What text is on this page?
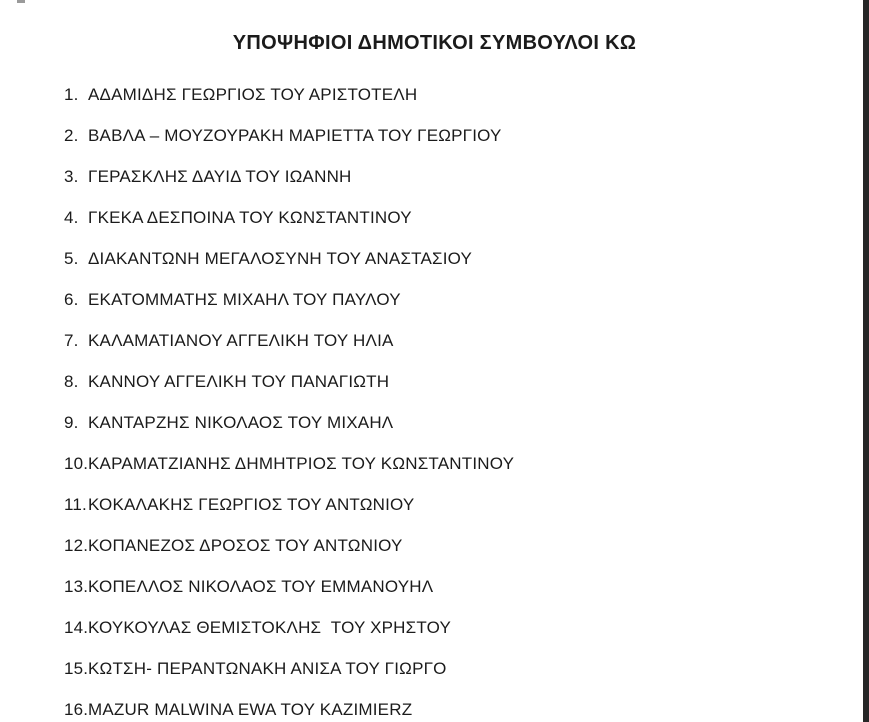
ΥΠΟΨΗΦΙΟΙ ΔΗΜΟΤΙΚΟΙ ΣΥΜΒΟΥΛΟΙ ΚΩ
1. ΑΔΑΜΙΔΗΣ ΓΕΩΡΓΙΟΣ ΤΟΥ ΑΡΙΣΤΟΤΕΛΗ
2. ΒΑΒΛΑ – ΜΟΥΖΟΥΡΑΚΗ ΜΑΡΙΕΤΤΑ ΤΟΥ ΓΕΩΡΓΙΟΥ
3. ΓΕΡΑΣΚΛΗΣ ΔΑΥΙΔ ΤΟΥ ΙΩΑΝΝΗ
4. ΓΚΕΚΑ ΔΕΣΠΟΙΝΑ ΤΟΥ ΚΩΝΣΤΑΝΤΙΝΟΥ
5. ΔΙΑΚΑΝΤΩΝΗ ΜΕΓΑΛΟΣΥΝΗ ΤΟΥ ΑΝΑΣΤΑΣΙΟΥ
6. ΕΚΑΤΟΜΜΑΤΗΣ ΜΙΧΑΗΛ ΤΟΥ ΠΑΥΛΟΥ
7. ΚΑΛΑΜΑΤΙΑΝΟΥ ΑΓΓΕΛΙΚΗ ΤΟΥ ΗΛΙΑ
8. ΚΑΝΝΟΥ ΑΓΓΕΛΙΚΗ ΤΟΥ ΠΑΝΑΓΙΩΤΗ
9. ΚΑΝΤΑΡΖΗΣ ΝΙΚΟΛΑΟΣ ΤΟΥ ΜΙΧΑΗΛ
10. ΚΑΡΑΜΑΤΖΙΑΝΗΣ ΔΗΜΗΤΡΙΟΣ ΤΟΥ ΚΩΝΣΤΑΝΤΙΝΟΥ
11. ΚΟΚΑΛΑΚΗΣ ΓΕΩΡΓΙΟΣ ΤΟΥ ΑΝΤΩΝΙΟΥ
12. ΚΟΠΑΝΕΖΟΣ ΔΡΟΣΟΣ ΤΟΥ ΑΝΤΩΝΙΟΥ
13. ΚΟΠΕΛΛΟΣ ΝΙΚΟΛΑΟΣ ΤΟΥ ΕΜΜΑΝΟΥΗΛ
14. ΚΟΥΚΟΥΛΑΣ ΘΕΜΙΣΤΟΚΛΗΣ  ΤΟΥ ΧΡΗΣΤΟΥ
15. ΚΩΤΣΗ- ΠΕΡΑΝΤΩΝΑΚΗ ΑΝΙΣΑ ΤΟΥ ΓΙΩΡΓΟ
16. MAZUR MALWINA EWA ΤΟΥ KAZIMIERZ
